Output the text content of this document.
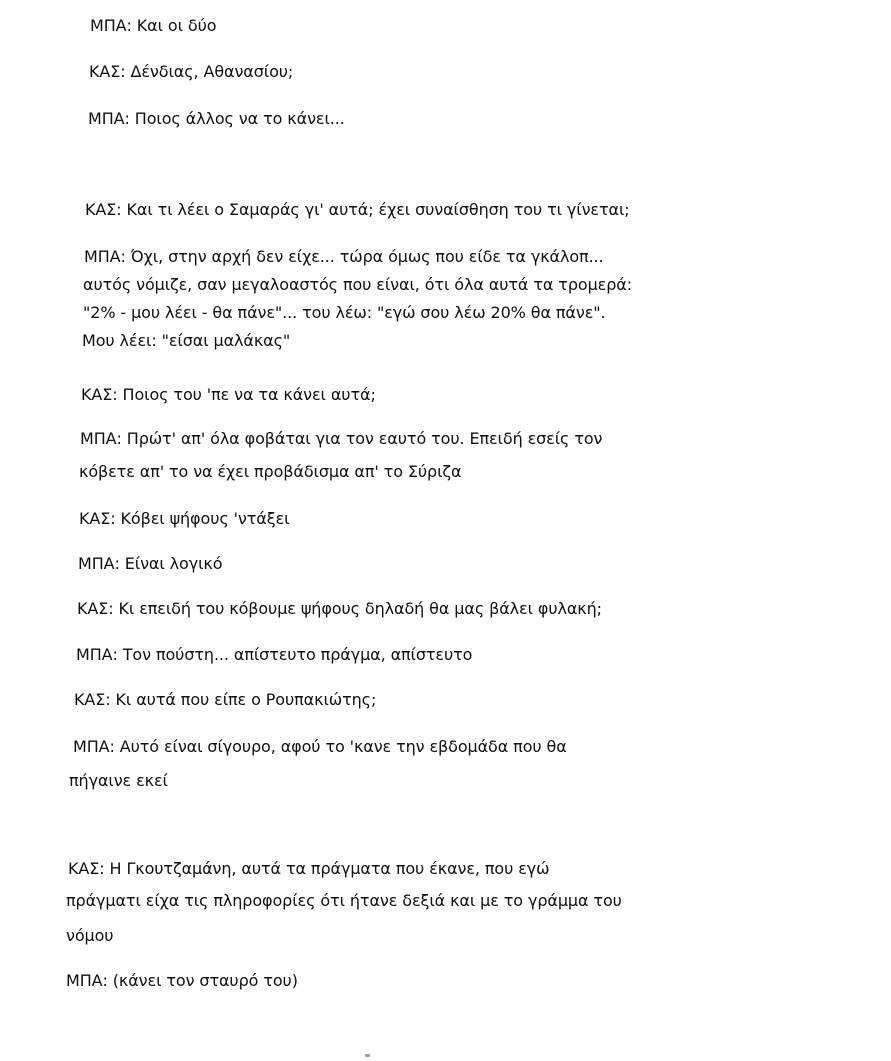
ΜΠΑ: Και οι δύο
ΚΑΣ: Δένδιας, Αθανασίου;
ΜΠΑ: Ποιος άλλος να το κάνει...
ΚΑΣ: Και τι λέει ο Σαμαράς γι' αυτά; έχει συναίσθηση του τι γίνεται;
ΜΠΑ: Όχι, στην αρχή δεν είχε... τώρα όμως που είδε τα γκάλοπ...
αυτός νόμιζε, σαν μεγαλοαστός που είναι, ότι όλα αυτά τα τρομερά:
"2% - μου λέει - θα πάνε"... του λέω: "εγώ σου λέω 20% θα πάνε".
Μου λέει: "είσαι μαλάκας"
ΚΑΣ: Ποιος του 'πε να τα κάνει αυτά;
ΜΠΑ: Πρώτ' απ' όλα φοβάται για τον εαυτό του. Επειδή εσείς τον
κόβετε απ' το να έχει προβάδισμα απ' το Σύριζα
ΚΑΣ: Κόβει ψήφους 'ντάξει
ΜΠΑ: Είναι λογικό
ΚΑΣ: Κι επειδή του κόβουμε ψήφους δηλαδή θα μας βάλει φυλακή;
ΜΠΑ: Τον πούστη... απίστευτο πράγμα, απίστευτο
ΚΑΣ: Κι αυτά που είπε ο Ρουπακιώτης;
ΜΠΑ: Αυτό είναι σίγουρο, αφού το 'κανε την εβδομάδα που θα
πήγαινε εκεί
ΚΑΣ: Η Γκουτζαμάνη, αυτά τα πράγματα που έκανε, που εγώ
πράγματι είχα τις πληροφορίες ότι ήτανε δεξιά και με το γράμμα του
νόμου
ΜΠΑ: (κάνει τον σταυρό του)
